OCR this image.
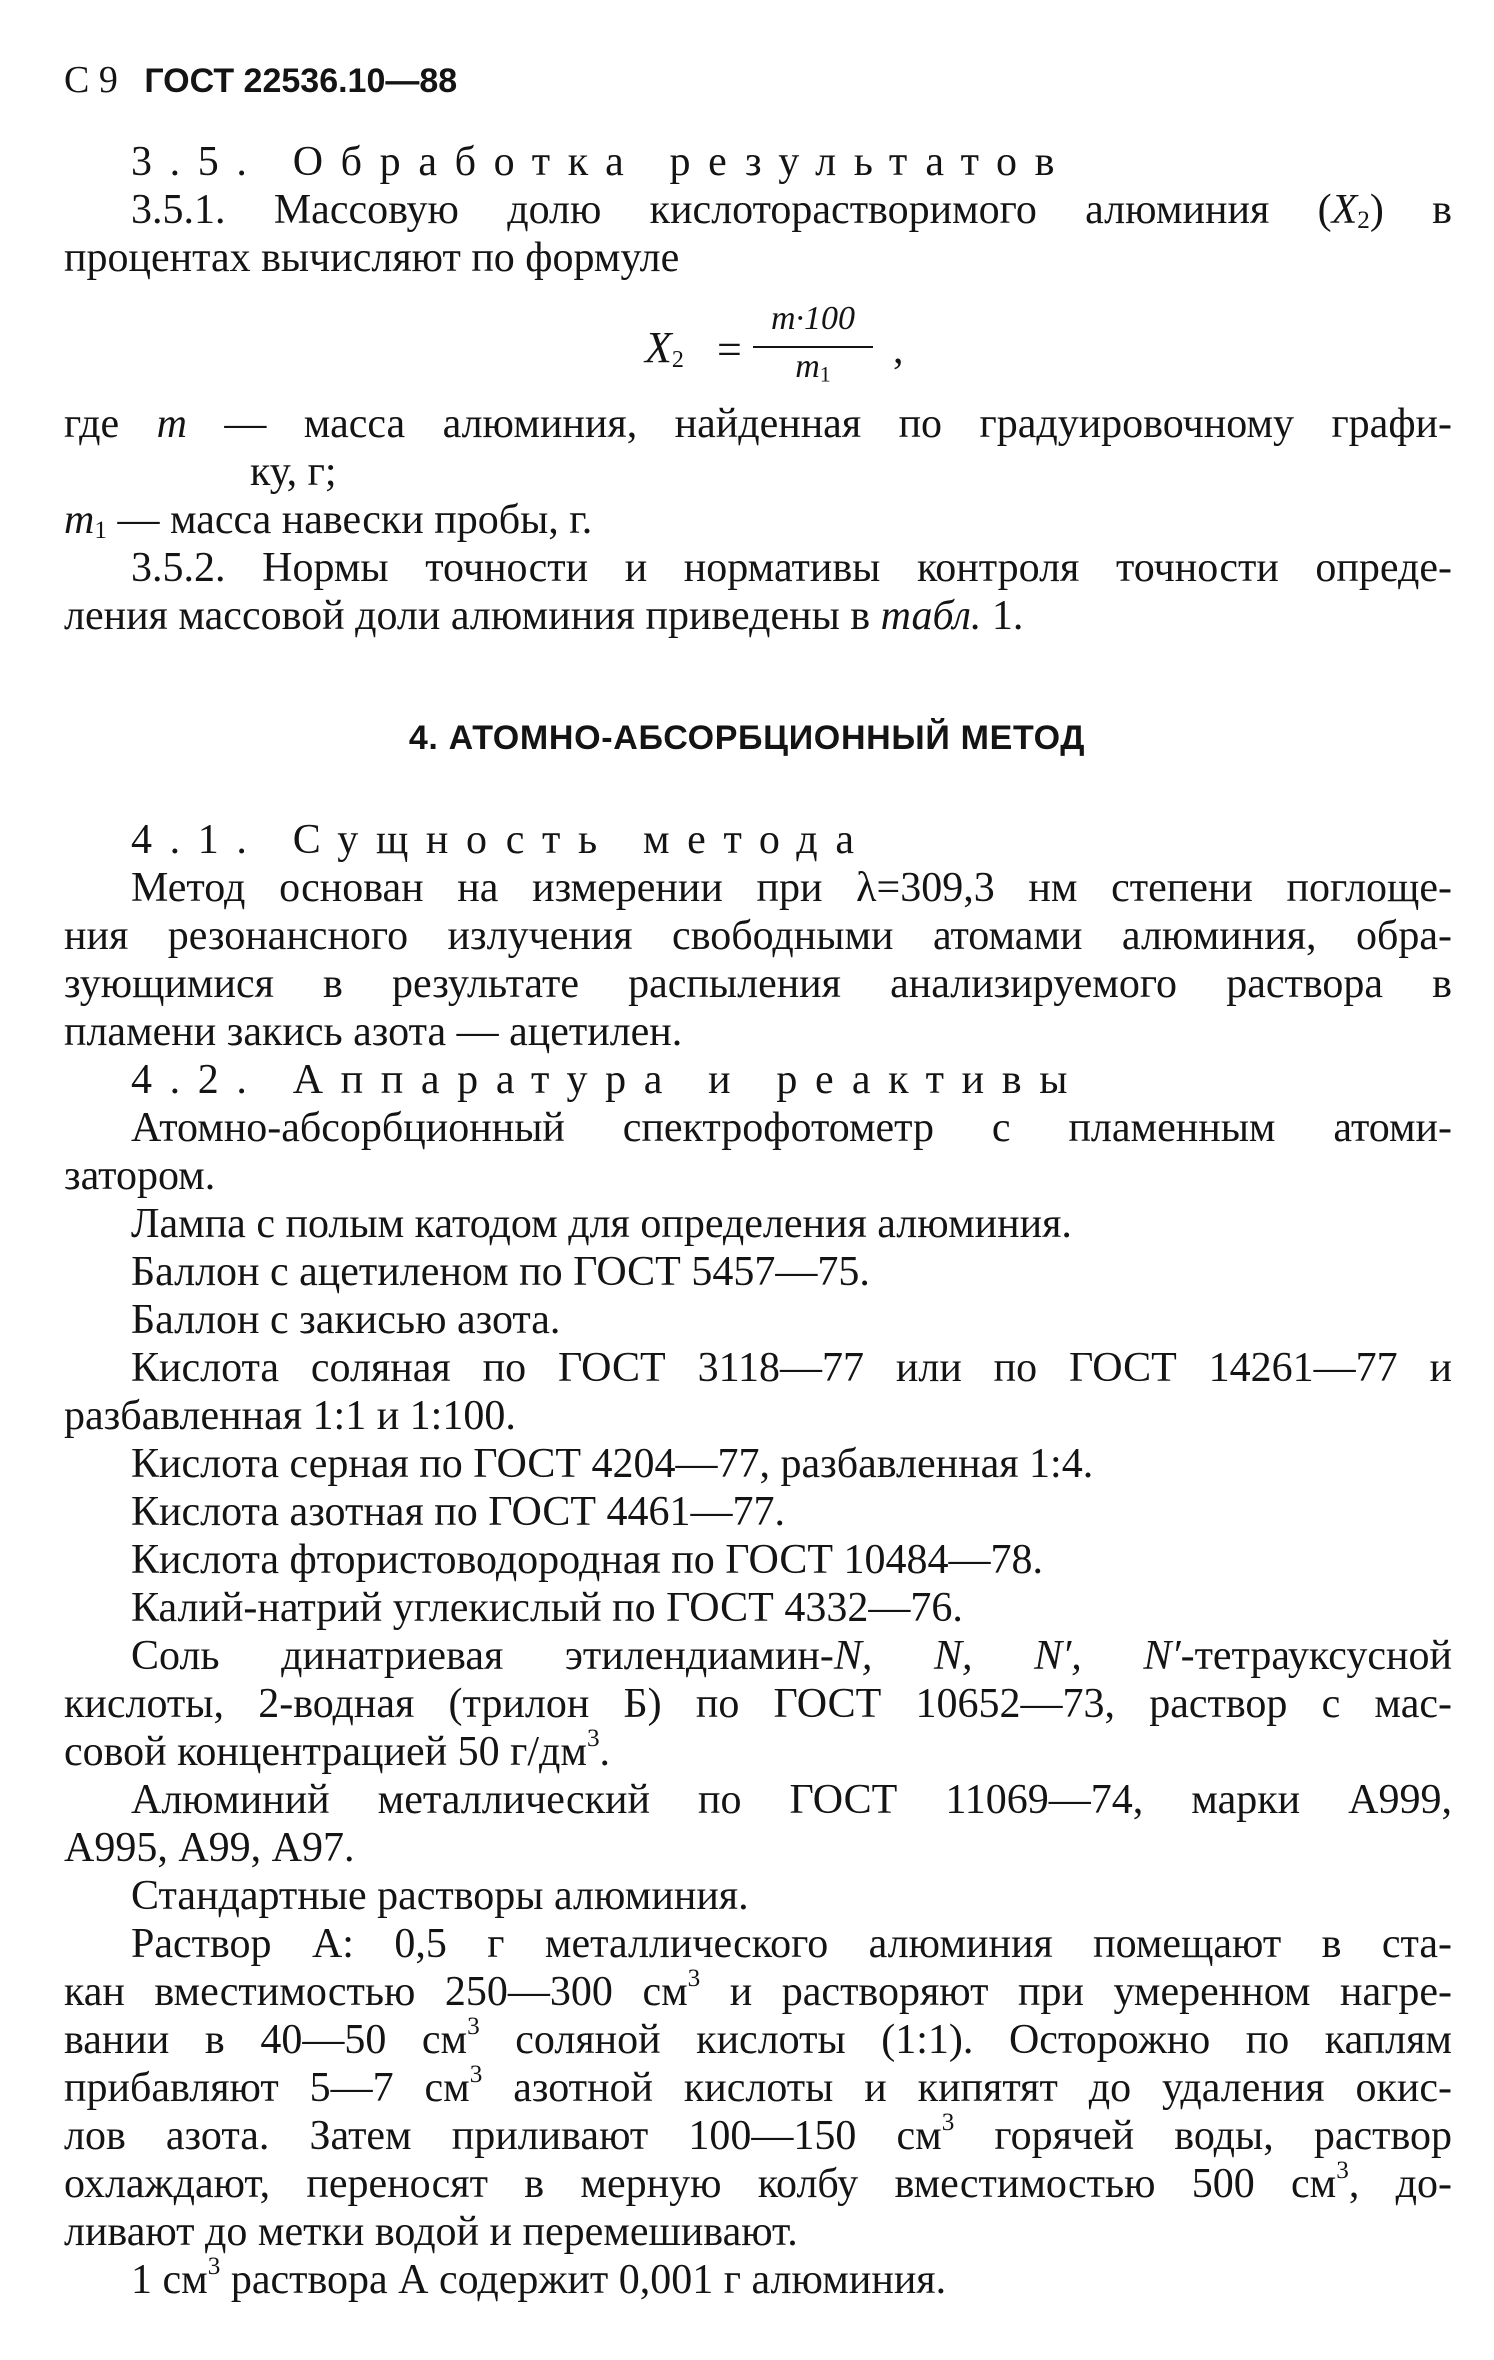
С 9 ГОСТ 22536.10—88
3.5. Обработка результатов
3.5.1. Массовую долю кислоторастворимого алюминия $(X_2)$ в
процентах вычисляют по формуле
$X_2$ =
m·100
$m_1$
,
где m — масса алюминия, найденная по градуировочному графи-
ку, г;
$m_1$ — масса навески пробы, г.
3.5.2. Нормы точности и нормативы контроля точности опреде-
ления массовой доли алюминия приведены в табл. 1.
4. АТОМНО-АБСОРБЦИОННЫЙ МЕТОД
4.1. Сущность метода
Метод основан на измерении при λ=309,3 нм степени поглоще-
ния резонансного излучения свободными атомами алюминия, обра-
зующимися в результате распыления анализируемого раствора в
пламени закись азота — ацетилен.
4.2. Аппаратура и реактивы
Атомно-абсорбционный спектрофотометр с пламенным атоми-
затором.
Лампа с полым катодом для определения алюминия.
Баллон с ацетиленом по ГОСТ 5457—75.
Баллон с закисью азота.
Кислота соляная по ГОСТ 3118—77 или по ГОСТ 14261—77 и
разбавленная 1:1 и 1:100.
Кислота серная по ГОСТ 4204—77, разбавленная 1:4.
Кислота азотная по ГОСТ 4461—77.
Кислота фтористоводородная по ГОСТ 10484—78.
Калий-натрий углекислый по ГОСТ 4332—76.
Соль динатриевая этилендиамин-N, N, N′, N′-тетрауксусной
кислоты, 2-водная (трилон Б) по ГОСТ 10652—73, раствор с мас-
совой концентрацией 50 $г/дм^3$.
Алюминий металлический по ГОСТ 11069—74, марки А999,
А995, А99, А97.
Стандартные растворы алюминия.
Раствор А: 0,5 г металлического алюминия помещают в ста-
кан вместимостью 250—300 $см^3$ и растворяют при умеренном нагре-
вании в 40—50 $см^3$ соляной кислоты (1:1). Осторожно по каплям
прибавляют 5—7 $см^3$ азотной кислоты и кипятят до удаления окис-
лов азота. Затем приливают 100—150 $см^3$ горячей воды, раствор
охлаждают, переносят в мерную колбу вместимостью 500 $см^3$, до-
ливают до метки водой и перемешивают.
1 $см^3$ раствора А содержит 0,001 г алюминия.
